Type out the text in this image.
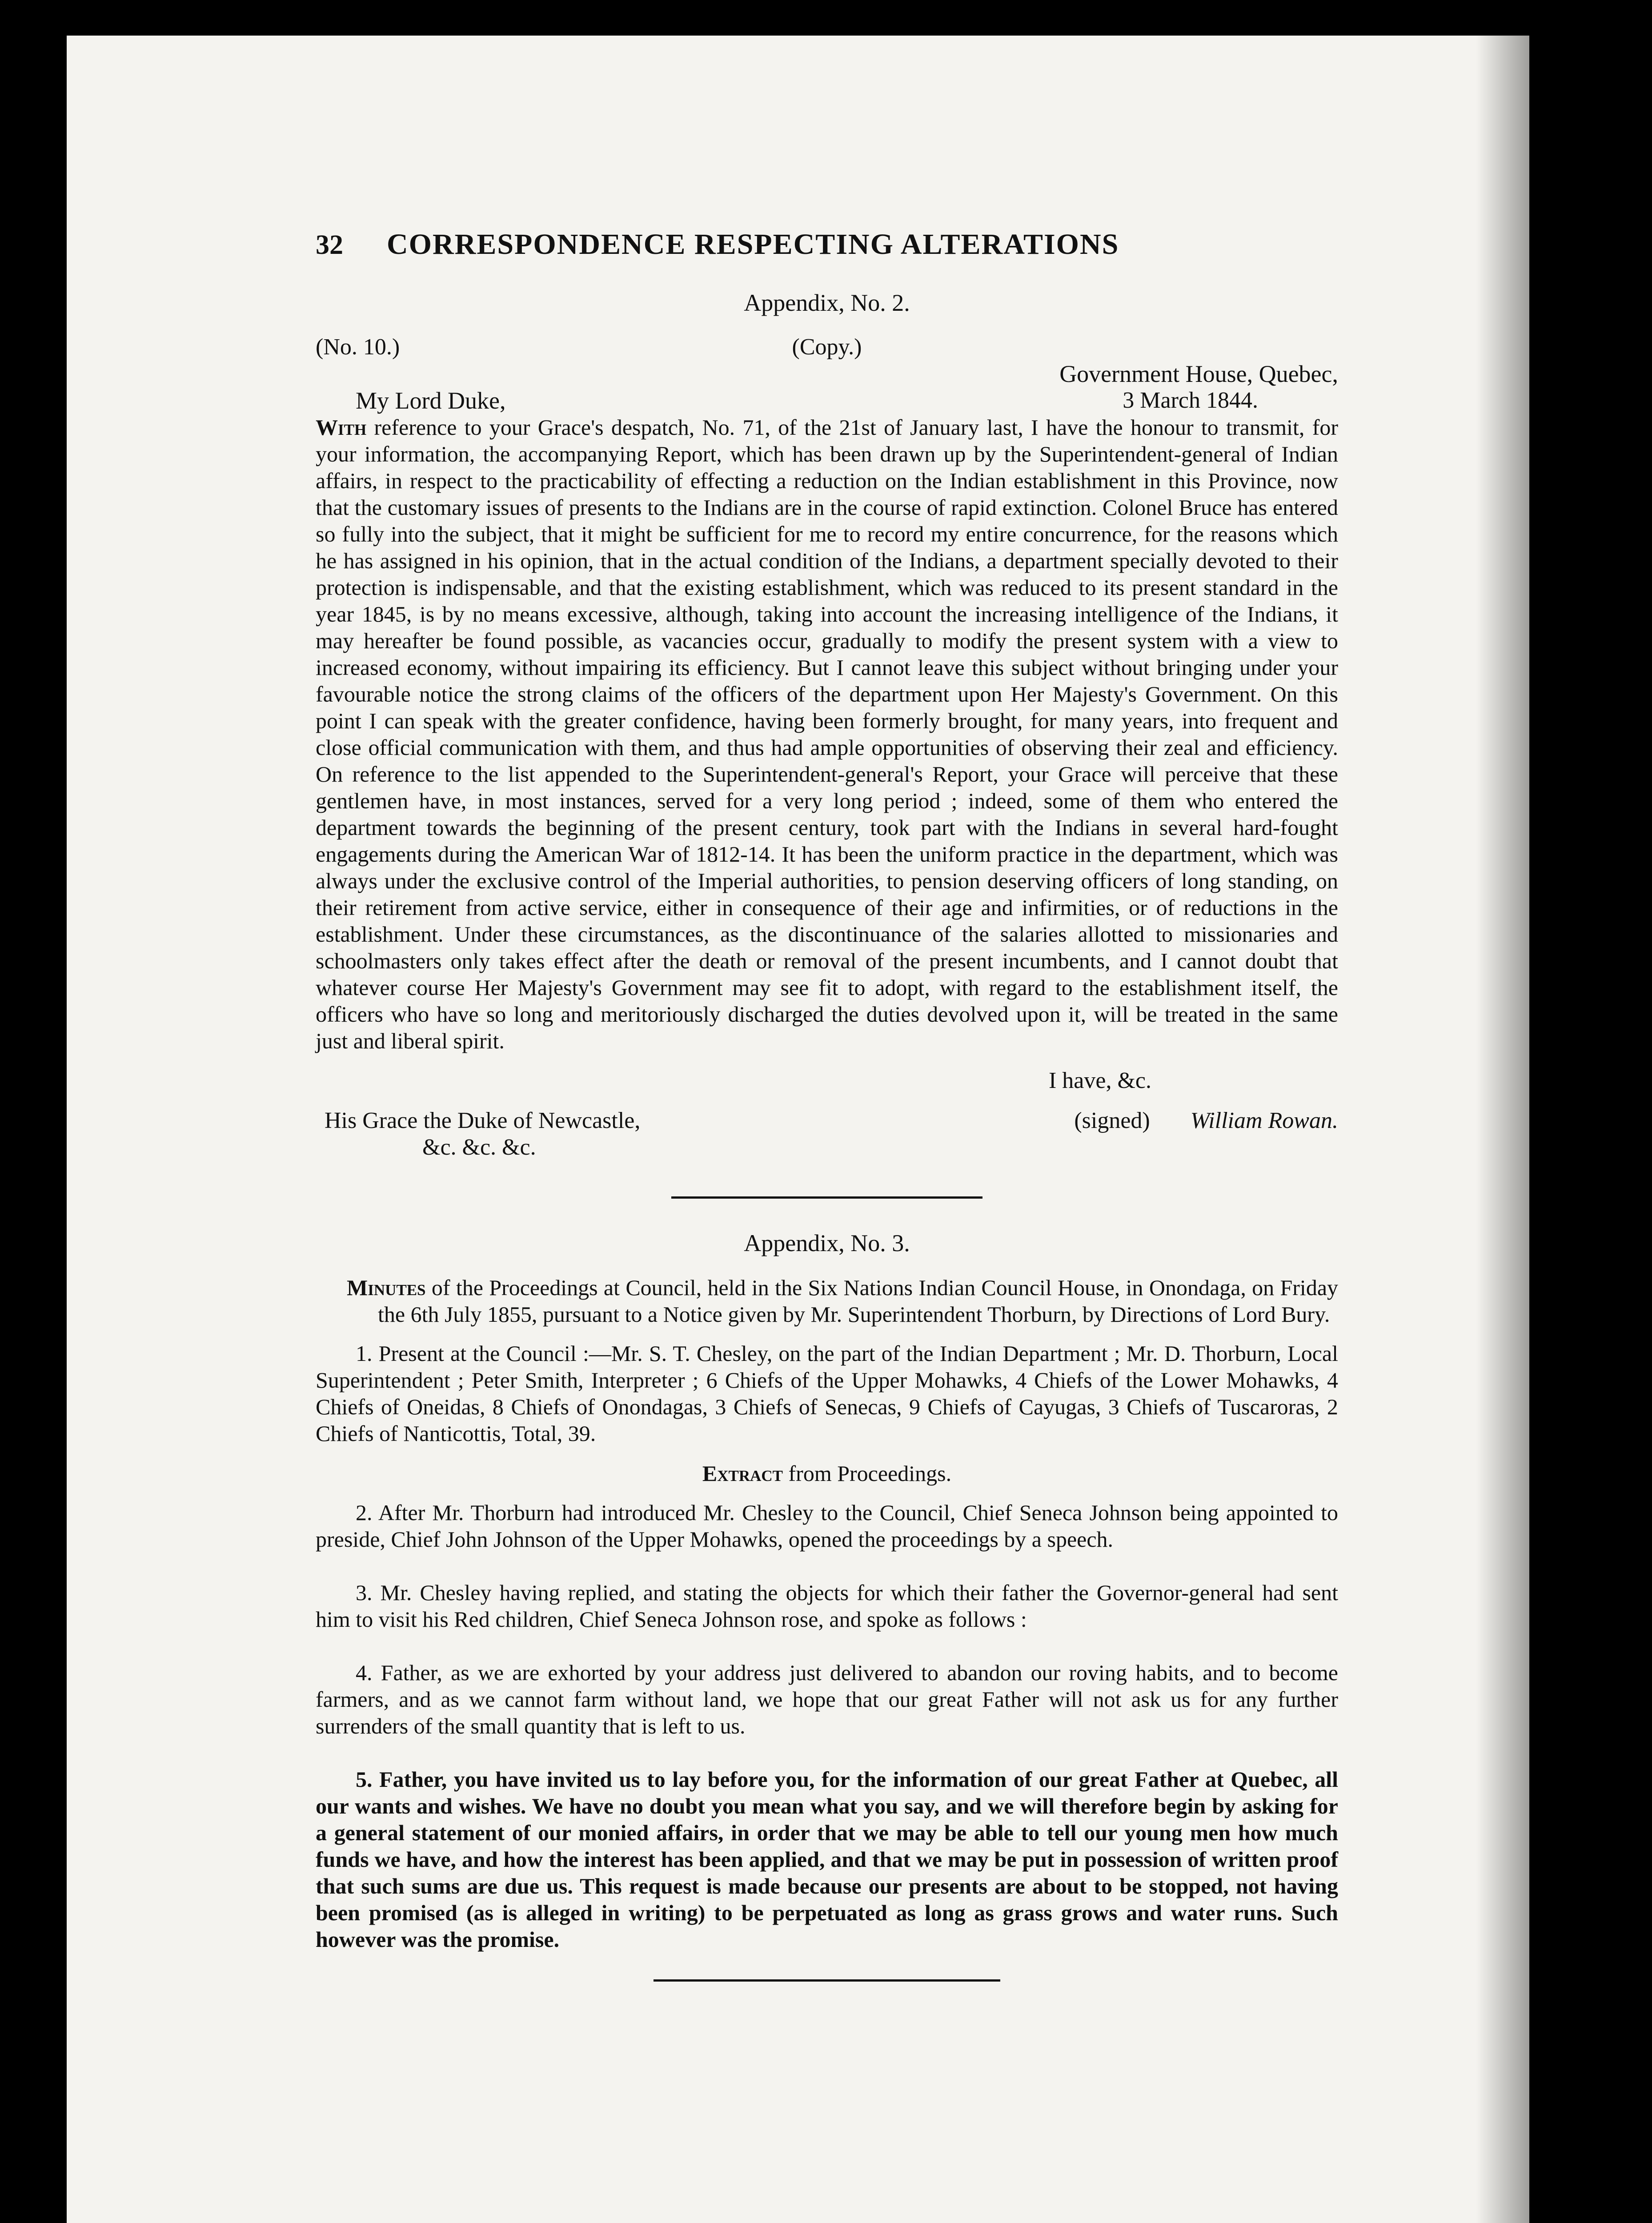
32	CORRESPONDENCE RESPECTING ALTERATIONS
Appendix, No. 2.
(No. 10.)	(Copy.)
Government House, Quebec,
My Lord Duke,	3 March 1844.

With reference to your Grace's despatch, No. 71, of the 21st of January last, I have the honour to transmit, for your information, the accompanying Report, which has been drawn up by the Superintendent-general of Indian affairs, in respect to the practicability of effecting a reduction on the Indian establishment in this Province, now that the customary issues of presents to the Indians are in the course of rapid extinction. Colonel Bruce has entered so fully into the subject, that it might be sufficient for me to record my entire concurrence, for the reasons which he has assigned in his opinion, that in the actual condition of the Indians, a department specially devoted to their protection is indispensable, and that the existing establishment, which was reduced to its present standard in the year 1845, is by no means excessive, although, taking into account the increasing intelligence of the Indians, it may hereafter be found possible, as vacancies occur, gradually to modify the present system with a view to increased economy, without impairing its efficiency. But I cannot leave this subject without bringing under your favourable notice the strong claims of the officers of the department upon Her Majesty's Government. On this point I can speak with the greater confidence, having been formerly brought, for many years, into frequent and close official communication with them, and thus had ample opportunities of observing their zeal and efficiency. On reference to the list appended to the Superintendent-general's Report, your Grace will perceive that these gentlemen have, in most instances, served for a very long period ; indeed, some of them who entered the department towards the beginning of the present century, took part with the Indians in several hard-fought engagements during the American War of 1812-14. It has been the uniform practice in the department, which was always under the exclusive control of the Imperial authorities, to pension deserving officers of long standing, on their retirement from active service, either in consequence of their age and infirmities, or of reductions in the establishment. Under these circumstances, as the discontinuance of the salaries allotted to missionaries and schoolmasters only takes effect after the death or removal of the present incumbents, and I cannot doubt that whatever course Her Majesty's Government may see fit to adopt, with regard to the establishment itself, the officers who have so long and meritoriously discharged the duties devolved upon it, will be treated in the same just and liberal spirit.

I have, &c.
His Grace the Duke of Newcastle,
&c. &c. &c.
(signed) William Rowan.
Appendix, No. 3.

Minutes of the Proceedings at Council, held in the Six Nations Indian Council House, in Onondaga, on Friday the 6th July 1855, pursuant to a Notice given by Mr. Superintendent Thorburn, by Directions of Lord Bury.

1. Present at the Council :—Mr. S. T. Chesley, on the part of the Indian Department ; Mr. D. Thorburn, Local Superintendent ; Peter Smith, Interpreter ; 6 Chiefs of the Upper Mohawks, 4 Chiefs of the Lower Mohawks, 4 Chiefs of Oneidas, 8 Chiefs of Onondagas, 3 Chiefs of Senecas, 9 Chiefs of Cayugas, 3 Chiefs of Tuscaroras, 2 Chiefs of Nanticottis, Total, 39.

Extract from Proceedings.

2. After Mr. Thorburn had introduced Mr. Chesley to the Council, Chief Seneca Johnson being appointed to preside, Chief John Johnson of the Upper Mohawks, opened the proceedings by a speech.

3. Mr. Chesley having replied, and stating the objects for which their father the Governor-general had sent him to visit his Red children, Chief Seneca Johnson rose, and spoke as follows :

4. Father, as we are exhorted by your address just delivered to abandon our roving habits, and to become farmers, and as we cannot farm without land, we hope that our great Father will not ask us for any further surrenders of the small quantity that is left to us.

5. Father, you have invited us to lay before you, for the information of our great Father at Quebec, all our wants and wishes. We have no doubt you mean what you say, and we will therefore begin by asking for a general statement of our monied affairs, in order that we may be able to tell our young men how much funds we have, and how the interest has been applied, and that we may be put in possession of written proof that such sums are due us. This request is made because our presents are about to be stopped, not having been promised (as is alleged in writing) to be perpetuated as long as grass grows and water runs. Such however was the promise.
